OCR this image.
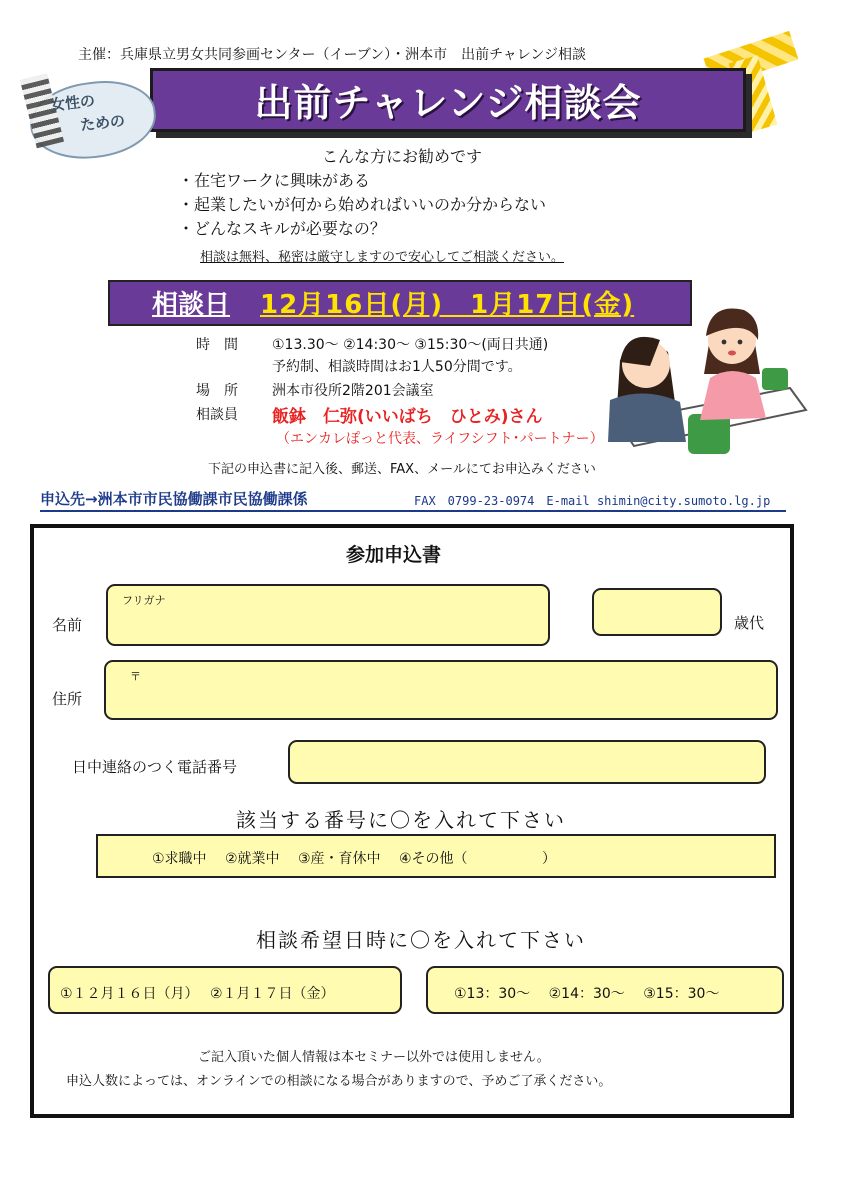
主催：兵庫県立男女共同参画センター（イーブン）・洲本市　出前チャレンジ相談
出前チャレンジ相談会
女性の
ための
こんな方にお勧めです
・在宅ワークに興味がある
・起業したいが何から始めればいいのか分からない
・どんなスキルが必要なの？
相談は無料、秘密は厳守しますので安心してご相談ください。
相談日 12月16日(月)　1月17日(金)
時　間 ①13.30～ ②14:30～ ③15:30～(両日共通)
予約制、相談時間はお1人50分間です。
場　所 洲本市役所2階201会議室
相談員 飯鉢　仁弥(いいばち　ひとみ)さん
（エンカレぽっと代表、ライフシフト･パートナー）
下記の申込書に記入後、郵送、FAX、メールにてお申込みください
申込先→洲本市市民協働課市民協働課係	FAX　0799-23-0974　E-mail shimin@city.sumoto.lg.jp
参加申込書
名前
フリガナ
歳代
住所
〒
日中連絡のつく電話番号
該当する番号に〇を入れて下さい
①求職中　 ②就業中　 ③産・育休中　 ④その他（　　　　　 ）
相談希望日時に〇を入れて下さい
①１２月１６日（月）　 ②１月１７日（金）	①13：30～　 ②14：30～　 ③15：30～
ご記入頂いた個人情報は本セミナー以外では使用しません。
申込人数によっては、オンラインでの相談になる場合がありますので、予めご了承ください。
